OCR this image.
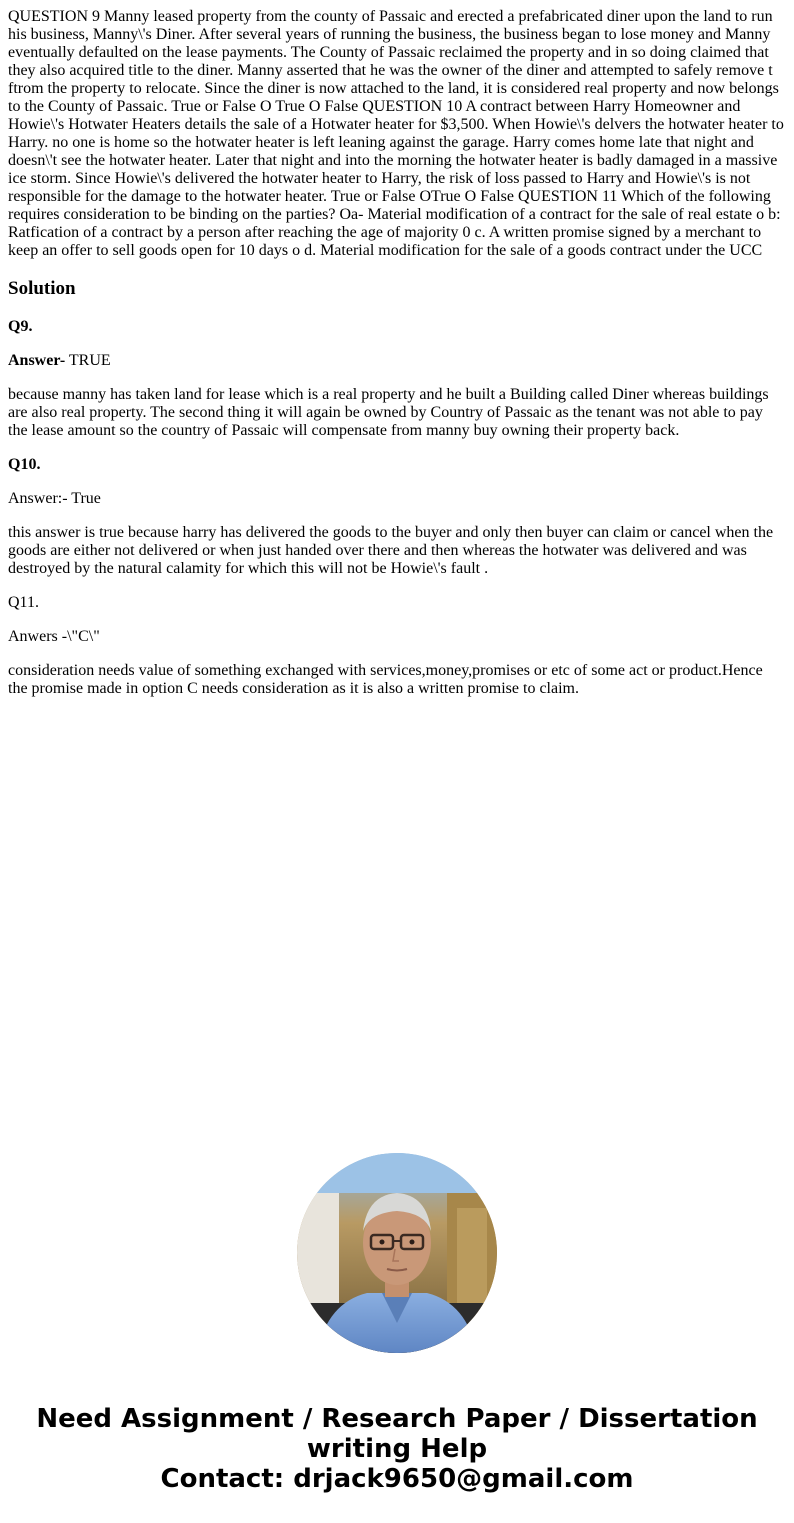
QUESTION 9 Manny leased property from the county of Passaic and erected a prefabricated diner upon the land to run his business, Manny\'s Diner. After several years of running the business, the business began to lose money and Manny eventually defaulted on the lease payments. The County of Passaic reclaimed the property and in so doing claimed that they also acquired title to the diner. Manny asserted that he was the owner of the diner and attempted to safely remove t ftrom the property to relocate. Since the diner is now attached to the land, it is considered real property and now belongs to the County of Passaic. True or False O True O False QUESTION 10 A contract between Harry Homeowner and Howie\'s Hotwater Heaters details the sale of a Hotwater heater for $3,500. When Howie\'s delvers the hotwater heater to Harry. no one is home so the hotwater heater is left leaning against the garage. Harry comes home late that night and doesn\'t see the hotwater heater. Later that night and into the morning the hotwater heater is badly damaged in a massive ice storm. Since Howie\'s delivered the hotwater heater to Harry, the risk of loss passed to Harry and Howie\'s is not responsible for the damage to the hotwater heater. True or False OTrue O False QUESTION 11 Which of the following requires consideration to be binding on the parties? Oa- Material modification of a contract for the sale of real estate o b: Ratfication of a contract by a person after reaching the age of majority 0 c. A written promise signed by a merchant to keep an offer to sell goods open for 10 days o d. Material modification for the sale of a goods contract under the UCC

Solution

Q9.

Answer- TRUE

because manny has taken land for lease which is a real property and he built a Building called Diner whereas buildings are also real property. The second thing it will again be owned by Country of Passaic as the tenant was not able to pay the lease amount so the country of Passaic will compensate from manny buy owning their property back.

Q10.

Answer:- True

this answer is true because harry has delivered the goods to the buyer and only then buyer can claim or cancel when the goods are either not delivered or when just handed over there and then whereas the hotwater was delivered and was destroyed by the natural calamity for which this will not be Howie\'s fault .

Q11.

Anwers -\"C\"

consideration needs value of something exchanged with services,money,promises or etc of some act or product.Hence the promise made in option C needs consideration as it is also a written promise to claim.

Need Assignment / Research Paper / Dissertation
writing Help
Contact: drjack9650@gmail.com
